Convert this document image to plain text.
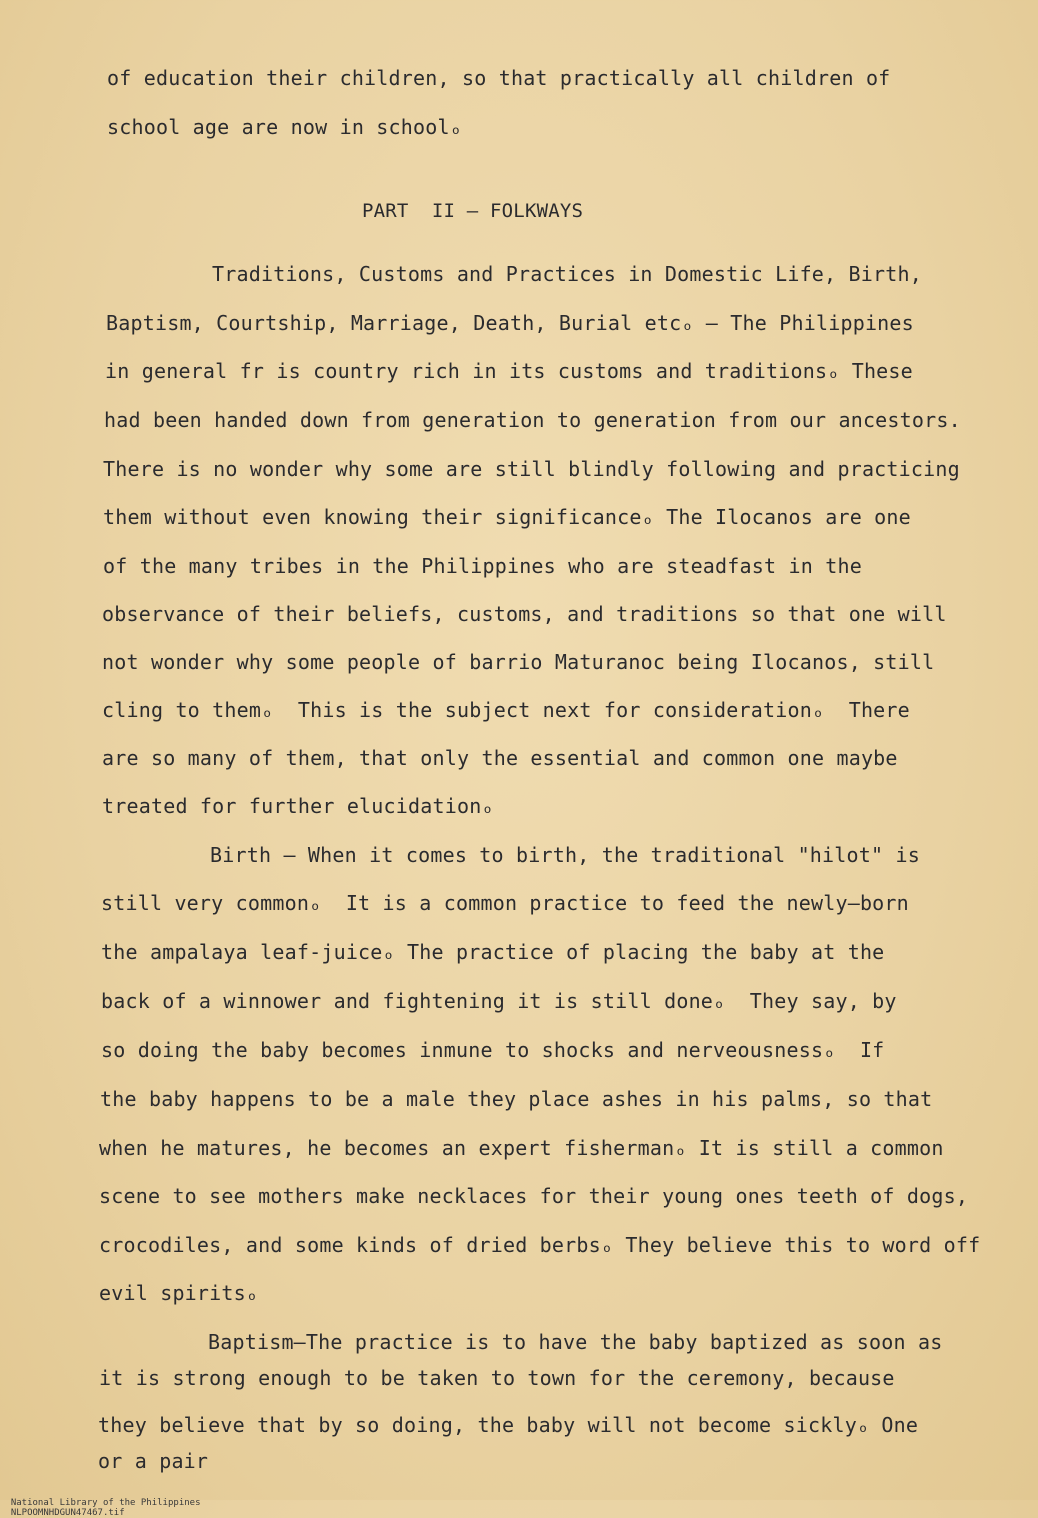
of education their children, so that practically all children of
school age are now in schoolₒ
PART  II – FOLKWAYS
Traditions, Customs and Practices in Domestic Life, Birth,
Baptism, Courtship, Marriage, Death, Burial etcₒ – The Philippines
in general fr is country rich in its customs and traditionsₒ These
had been handed down from generation to generation from our ancestors.
There is no wonder why some are still blindly following and practicing
them without even knowing their significanceₒ The Ilocanos are one
of the many tribes in the Philippines who are steadfast in the
observance of their beliefs, customs, and traditions so that one will
not wonder why some people of barrio Maturanoc being Ilocanos, still
cling to themₒ  This is the subject next for considerationₒ  There
are so many of them, that only the essential and common one maybe
treated for further elucidationₒ
Birth – When it comes to birth, the traditional "hilot" is
still very commonₒ  It is a common practice to feed the newly–born
the ampalaya leaf-juiceₒ The practice of placing the baby at the
back of a winnower and fightening it is still doneₒ  They say, by
so doing the baby becomes inmune to shocks and nerveousnessₒ  If
the baby happens to be a male they place ashes in his palms, so that
when he matures, he becomes an expert fishermanₒ It is still a common
scene to see mothers make necklaces for their young ones teeth of dogs,
crocodiles, and some kinds of dried berbsₒ They believe this to word off
evil spiritsₒ
Baptism–The practice is to have the baby baptized as soon as
it is strong enough to be taken to town for the ceremony, because
they believe that by so doing, the baby will not become sicklyₒ One
or a pair

National Library of the Philippines
NLPOOMNHDGUN47467.tif
